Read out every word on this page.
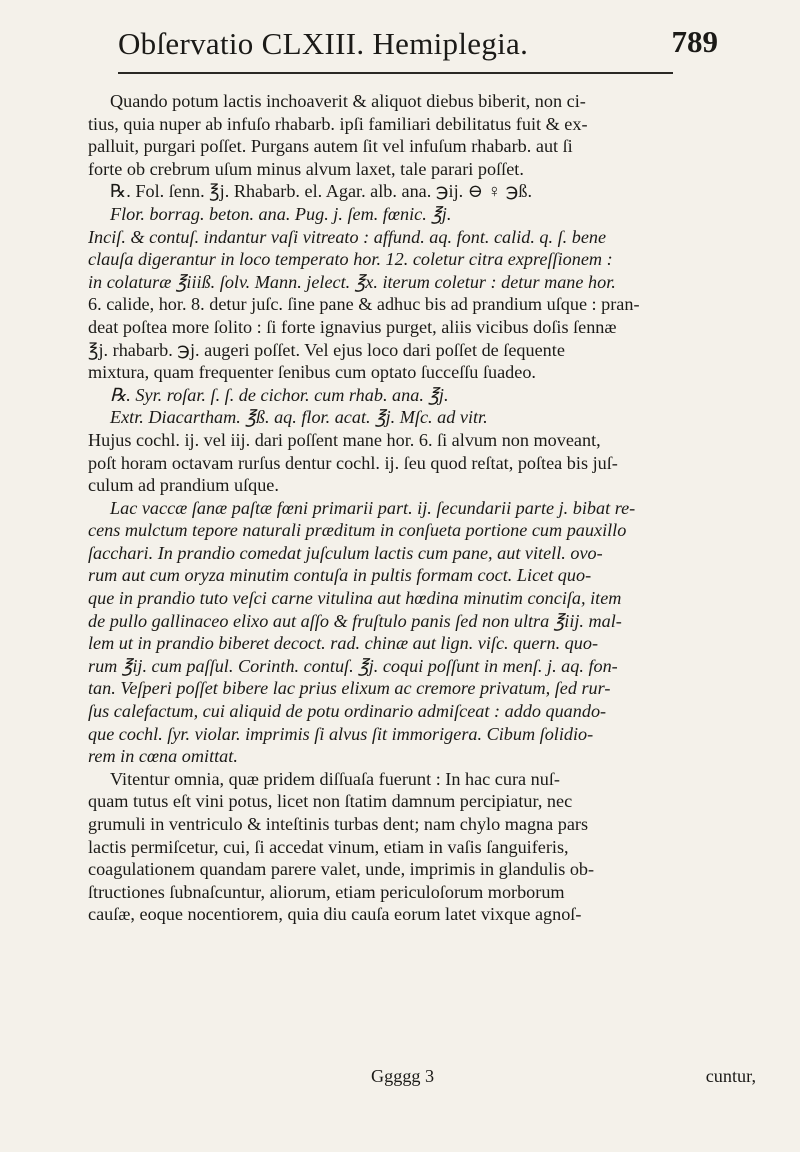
Obſervatio CLXIII. Hemiplegia.	789
Quando potum lactis inchoaverit & aliquot diebus biberit, non ci-
tius, quia nuper ab infuſo rhabarb. ipſi familiari debilitatus fuit & ex-
palluit, purgari poſſet. Purgans autem ſit vel infuſum rhabarb. aut ſi
forte ob crebrum uſum minus alvum laxet, tale parari poſſet.
℞. Fol. ſenn. ℥j. Rhabarb. el. Agar. alb. ana. ℈ij. ⊖ ♀ ℈ß.
Flor. borrag. beton. ana. Pug. j. ſem. fœnic. ℥j.
Inciſ. & contuſ. indantur vaſi vitreato : affund. aq. font. calid. q. ſ. bene
clauſa digerantur in loco temperato hor. 12. coletur citra expreſſionem :
in colaturæ ℥iiiß. ſolv. Mann. jelect. ℥x. iterum coletur : detur mane hor.
6. calide, hor. 8. detur juſc. ſine pane & adhuc bis ad prandium uſque : pran-
deat poſtea more ſolito : ſi forte ignavius purget, aliis vicibus doſis ſennæ
℥j. rhabarb. ℈j. augeri poſſet. Vel ejus loco dari poſſet de ſequente
mixtura, quam frequenter ſenibus cum optato ſucceſſu ſuadeo.
℞. Syr. roſar. ſ. ſ. de cichor. cum rhab. ana. ℥j.
Extr. Diacartham. ℥ß. aq. flor. acat. ℥j. Mſc. ad vitr.
Hujus cochl. ij. vel iij. dari poſſent mane hor. 6. ſi alvum non moveant,
poſt horam octavam rurſus dentur cochl. ij. ſeu quod reſtat, poſtea bis juſ-
culum ad prandium uſque.
Lac vaccæ ſanæ paſtæ fœni primarii part. ij. ſecundarii parte j. bibat re-
cens mulctum tepore naturali præditum in conſueta portione cum pauxillo
ſacchari. In prandio comedat juſculum lactis cum pane, aut vitell. ovo-
rum aut cum oryza minutim contuſa in pultis formam coct. Licet quo-
que in prandio tuto veſci carne vitulina aut hœdina minutim conciſa, item
de pullo gallinaceo elixo aut aſſo & fruſtulo panis ſed non ultra ℥iij. mal-
lem ut in prandio biberet decoct. rad. chinæ aut lign. viſc. quern. quo-
rum ℥ij. cum paſſul. Corinth. contuſ. ℥j. coqui poſſunt in menſ. j. aq. fon-
tan. Veſperi poſſet bibere lac prius elixum ac cremore privatum, ſed rur-
ſus calefactum, cui aliquid de potu ordinario admiſceat : addo quando-
que cochl. ſyr. violar. imprimis ſi alvus ſit immorigera. Cibum ſolidio-
rem in cœna omittat.
Vitentur omnia, quæ pridem diſſuaſa fuerunt : In hac cura nuſ-
quam tutus eſt vini potus, licet non ſtatim damnum percipiatur, nec
grumuli in ventriculo & inteſtinis turbas dent; nam chylo magna pars
lactis permiſcetur, cui, ſi accedat vinum, etiam in vaſis ſanguiferis,
coagulationem quandam parere valet, unde, imprimis in glandulis ob-
ſtructiones ſubnaſcuntur, aliorum, etiam periculoſorum morborum
cauſæ, eoque nocentiorem, quia diu cauſa eorum latet vixque agnoſ-
Ggggg 3	cuntur,
